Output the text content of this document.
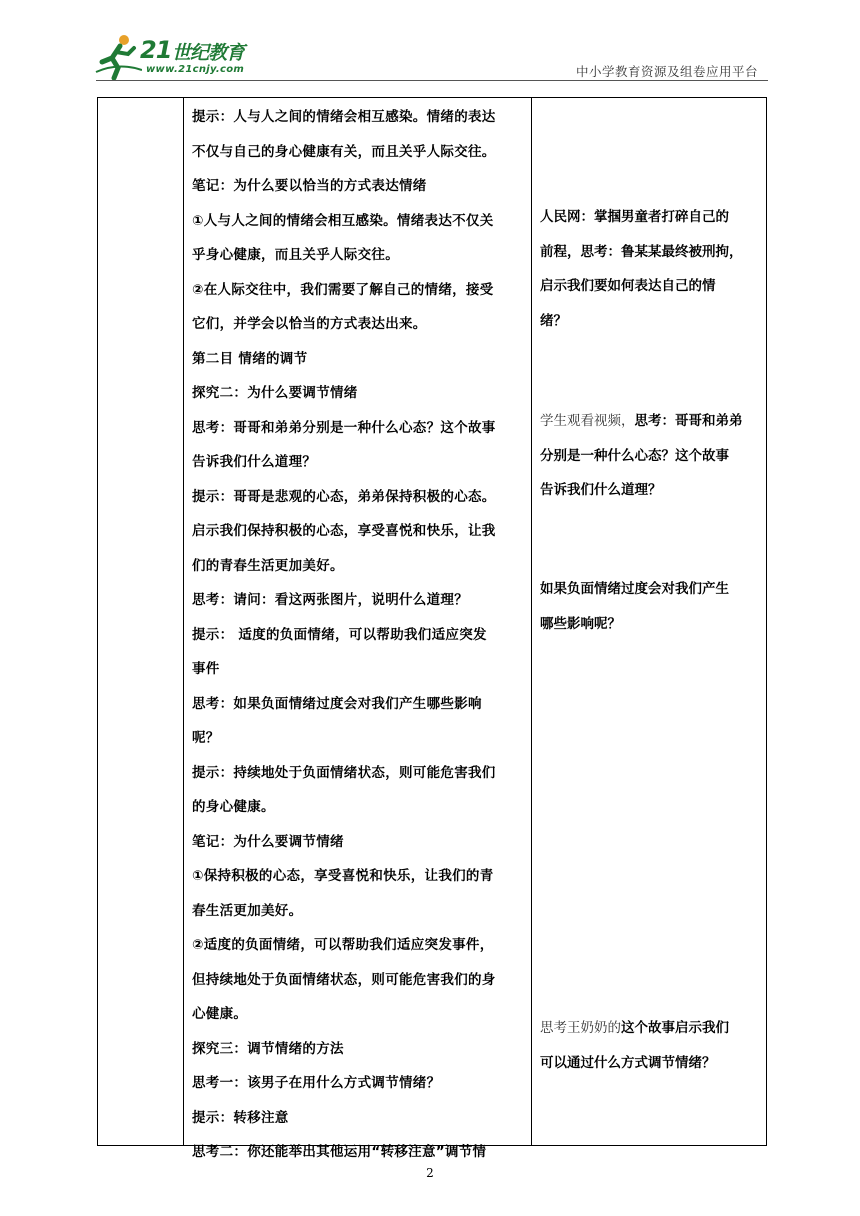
21 世纪教育
www.21cnjy.com	中小学教育资源及组卷应用平台
提示：人与人之间的情绪会相互感染。情绪的表达
不仅与自己的身心健康有关，而且关乎人际交往。
笔记：为什么要以恰当的方式表达情绪
①人与人之间的情绪会相互感染。情绪表达不仅关
乎身心健康，而且关乎人际交往。
②在人际交往中，我们需要了解自己的情绪，接受
它们，并学会以恰当的方式表达出来。
第二目 情绪的调节
探究二：为什么要调节情绪
思考：哥哥和弟弟分别是一种什么心态？这个故事
告诉我们什么道理？
提示：哥哥是悲观的心态，弟弟保持积极的心态。
启示我们保持积极的心态，享受喜悦和快乐，让我
们的青春生活更加美好。
思考：请问：看这两张图片，说明什么道理？
提示： 适度的负面情绪，可以帮助我们适应突发
事件
思考：如果负面情绪过度会对我们产生哪些影响
呢？
提示：持续地处于负面情绪状态，则可能危害我们
的身心健康。
笔记：为什么要调节情绪
①保持积极的心态，享受喜悦和快乐，让我们的青
春生活更加美好。
②适度的负面情绪，可以帮助我们适应突发事件，
但持续地处于负面情绪状态，则可能危害我们的身
心健康。
探究三：调节情绪的方法
思考一：该男子在用什么方式调节情绪？
提示：转移注意
思考二：你还能举出其他运用“转移注意”调节情
人民网：掌掴男童者打碎自己的
前程，思考：鲁某某最终被刑拘，
启示我们要如何表达自己的情
绪？
学生观看视频，思考：哥哥和弟弟
分别是一种什么心态？这个故事
告诉我们什么道理？
如果负面情绪过度会对我们产生
哪些影响呢？
思考王奶奶的这个故事启示我们
可以通过什么方式调节情绪？
2
